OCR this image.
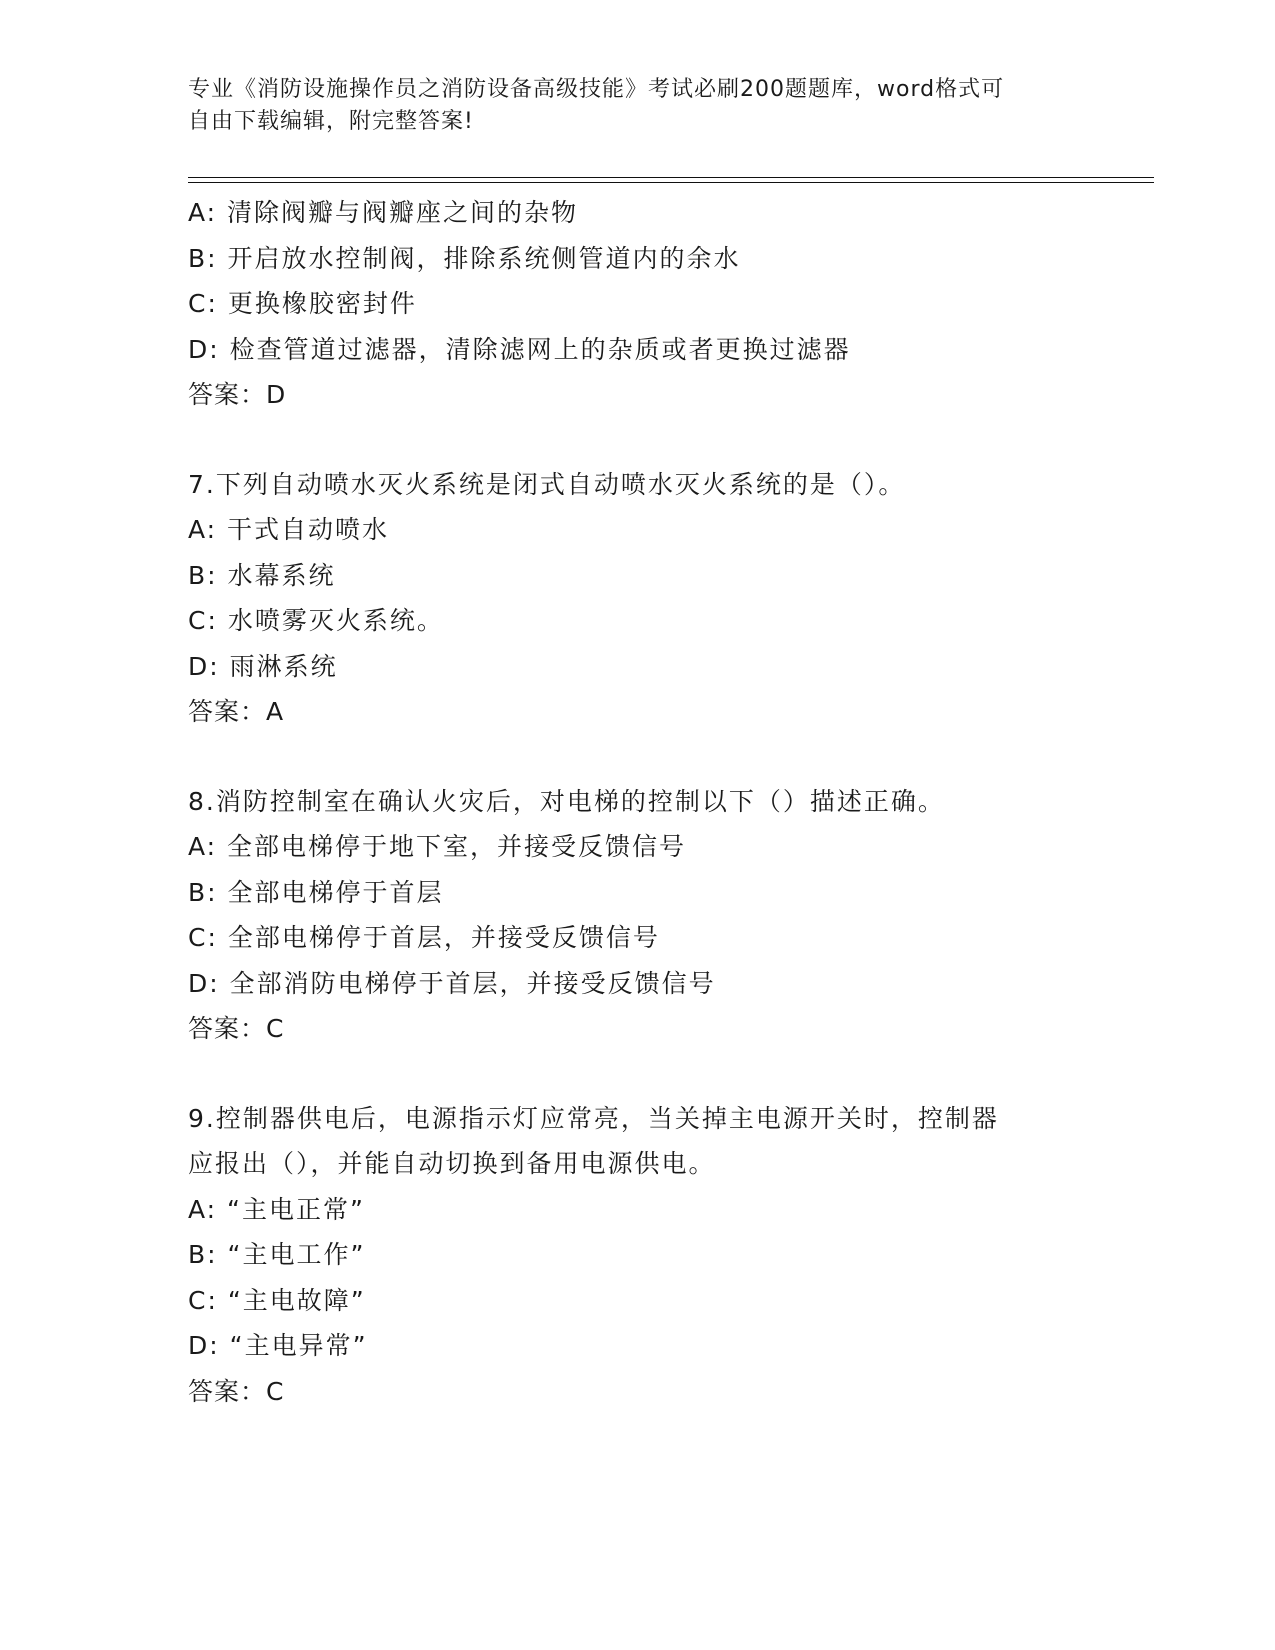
专业《消防设施操作员之消防设备高级技能》考试必刷200题题库，word格式可
自由下载编辑，附完整答案!
A: 清除阀瓣与阀瓣座之间的杂物
B: 开启放水控制阀，排除系统侧管道内的余水
C: 更换橡胶密封件
D: 检查管道过滤器，清除滤网上的杂质或者更换过滤器
答案：D
7.下列自动喷水灭火系统是闭式自动喷水灭火系统的是（）。
A: 干式自动喷水
B: 水幕系统
C: 水喷雾灭火系统。
D: 雨淋系统
答案：A
8.消防控制室在确认火灾后，对电梯的控制以下（）描述正确。
A: 全部电梯停于地下室，并接受反馈信号
B: 全部电梯停于首层
C: 全部电梯停于首层，并接受反馈信号
D: 全部消防电梯停于首层，并接受反馈信号
答案：C
9.控制器供电后，电源指示灯应常亮，当关掉主电源开关时，控制器
应报出（），并能自动切换到备用电源供电。
A: “主电正常”
B: “主电工作”
C: “主电故障”
D: “主电异常”
答案：C
